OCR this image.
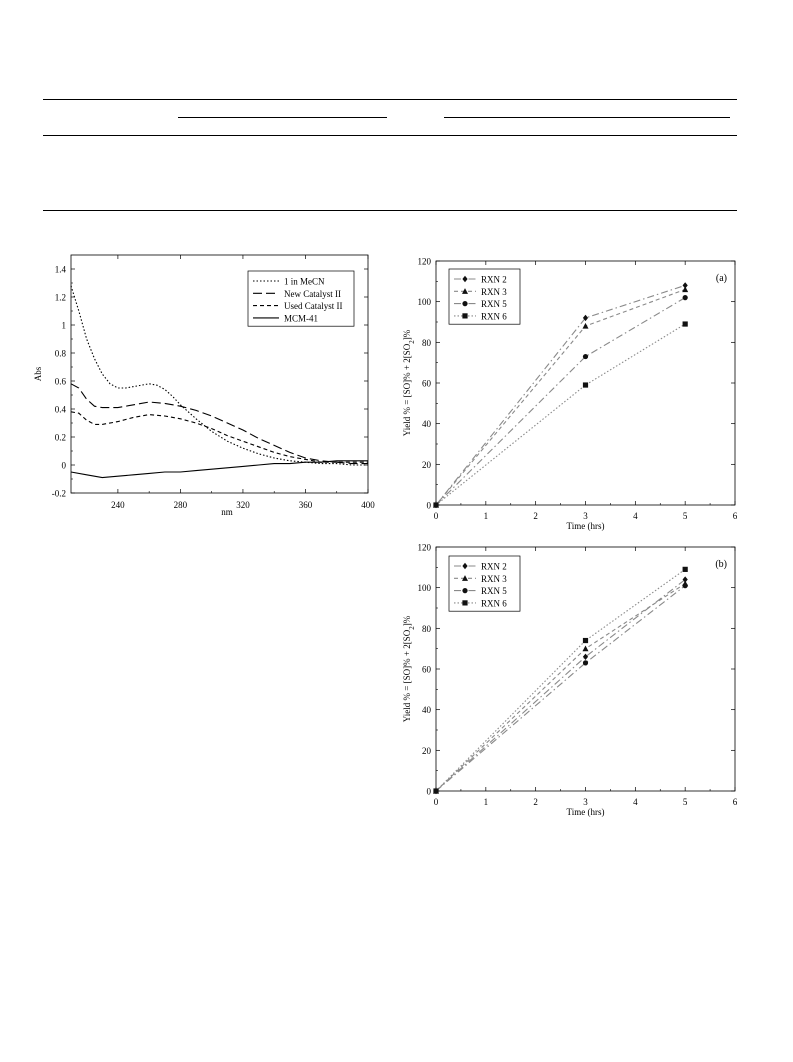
240	280	320	360	400
-0.2
0
0.2
0.4
0.6
0.8
1
1.2
1.4
nm
Abs
1 in MeCN
New Catalyst II
Used Catalyst II
MCM-41
0	1	2	3	4	5	6
0
20
40
60
80
100
120
Time (hrs)
Yield % = $[SO]\% + 2[SO_2]\%$
(a)
RXN 2
RXN 3
RXN 5
RXN 6
0	1	2	3	4	5	6
0
20
40
60
80
100
120
Time (hrs)
Yield % = $[SO]\% + 2[SO_2]\%$
(b)
RXN 2
RXN 3
RXN 5
RXN 6
